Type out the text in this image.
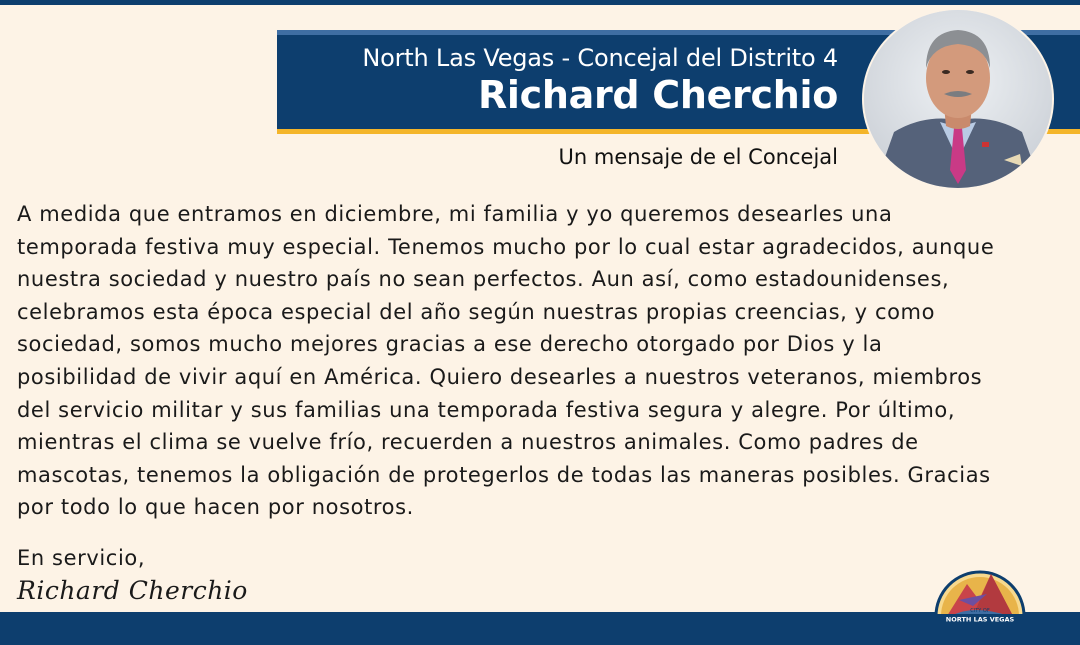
North Las Vegas - Concejal del Distrito 4
Richard Cherchio
Un mensaje de el Concejal
A medida que entramos en diciembre, mi familia y yo queremos desearles una
temporada festiva muy especial. Tenemos mucho por lo cual estar agradecidos, aunque
nuestra sociedad y nuestro país no sean perfectos. Aun así, como estadounidenses,
celebramos esta época especial del año según nuestras propias creencias, y como
sociedad, somos mucho mejores gracias a ese derecho otorgado por Dios y la
posibilidad de vivir aquí en América. Quiero desearles a nuestros veteranos, miembros
del servicio militar y sus familias una temporada festiva segura y alegre. Por último,
mientras el clima se vuelve frío, recuerden a nuestros animales. Como padres de
mascotas, tenemos la obligación de protegerlos de todas las maneras posibles. Gracias
por todo lo que hacen por nosotros.
En servicio,
Richard Cherchio
CITY OF
NORTH LAS VEGAS
